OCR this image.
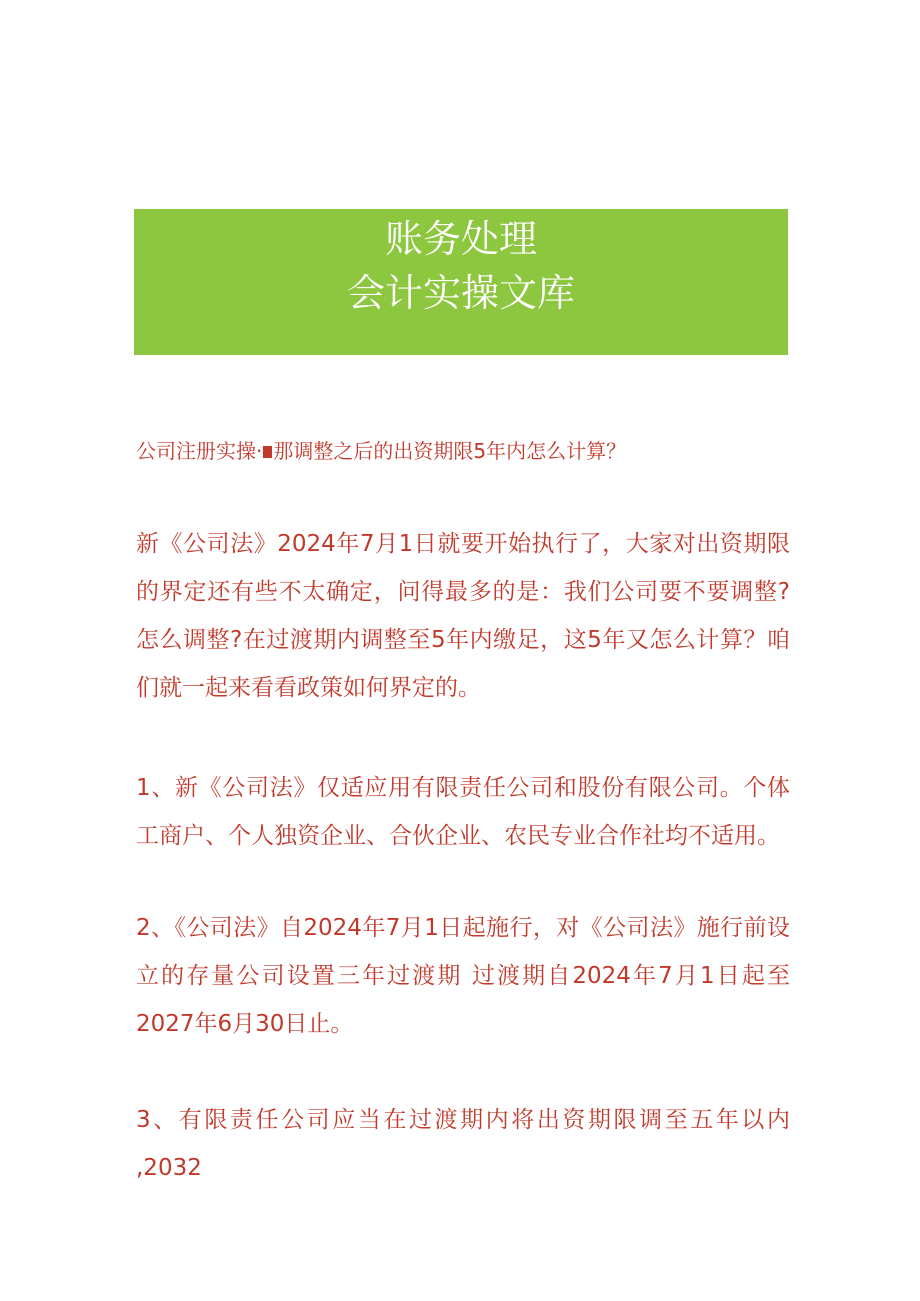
账务处理
会计实操文库
公司注册实操· 那调整之后的出资期限5年内怎么计算？

新《公司法》2024年7月1日就要开始执行了，大家对出资期限的界定还有些不太确定，问得最多的是：我们公司要不要调整?怎么调整?在过渡期内调整至5年内缴足，这5年又怎么计算？咱们就一起来看看政策如何界定的。

1、新《公司法》仅适应用有限责任公司和股份有限公司。个体工商户、个人独资企业、合伙企业、农民专业合作社均不适用。

2、《公司法》自2024年7月1日起施行，对《公司法》施行前设立的存量公司设置三年过渡期 过渡期自2024年7月1日起至2027年6月30日止。

3、有限责任公司应当在过渡期内将出资期限调至五年以内 ,2032
